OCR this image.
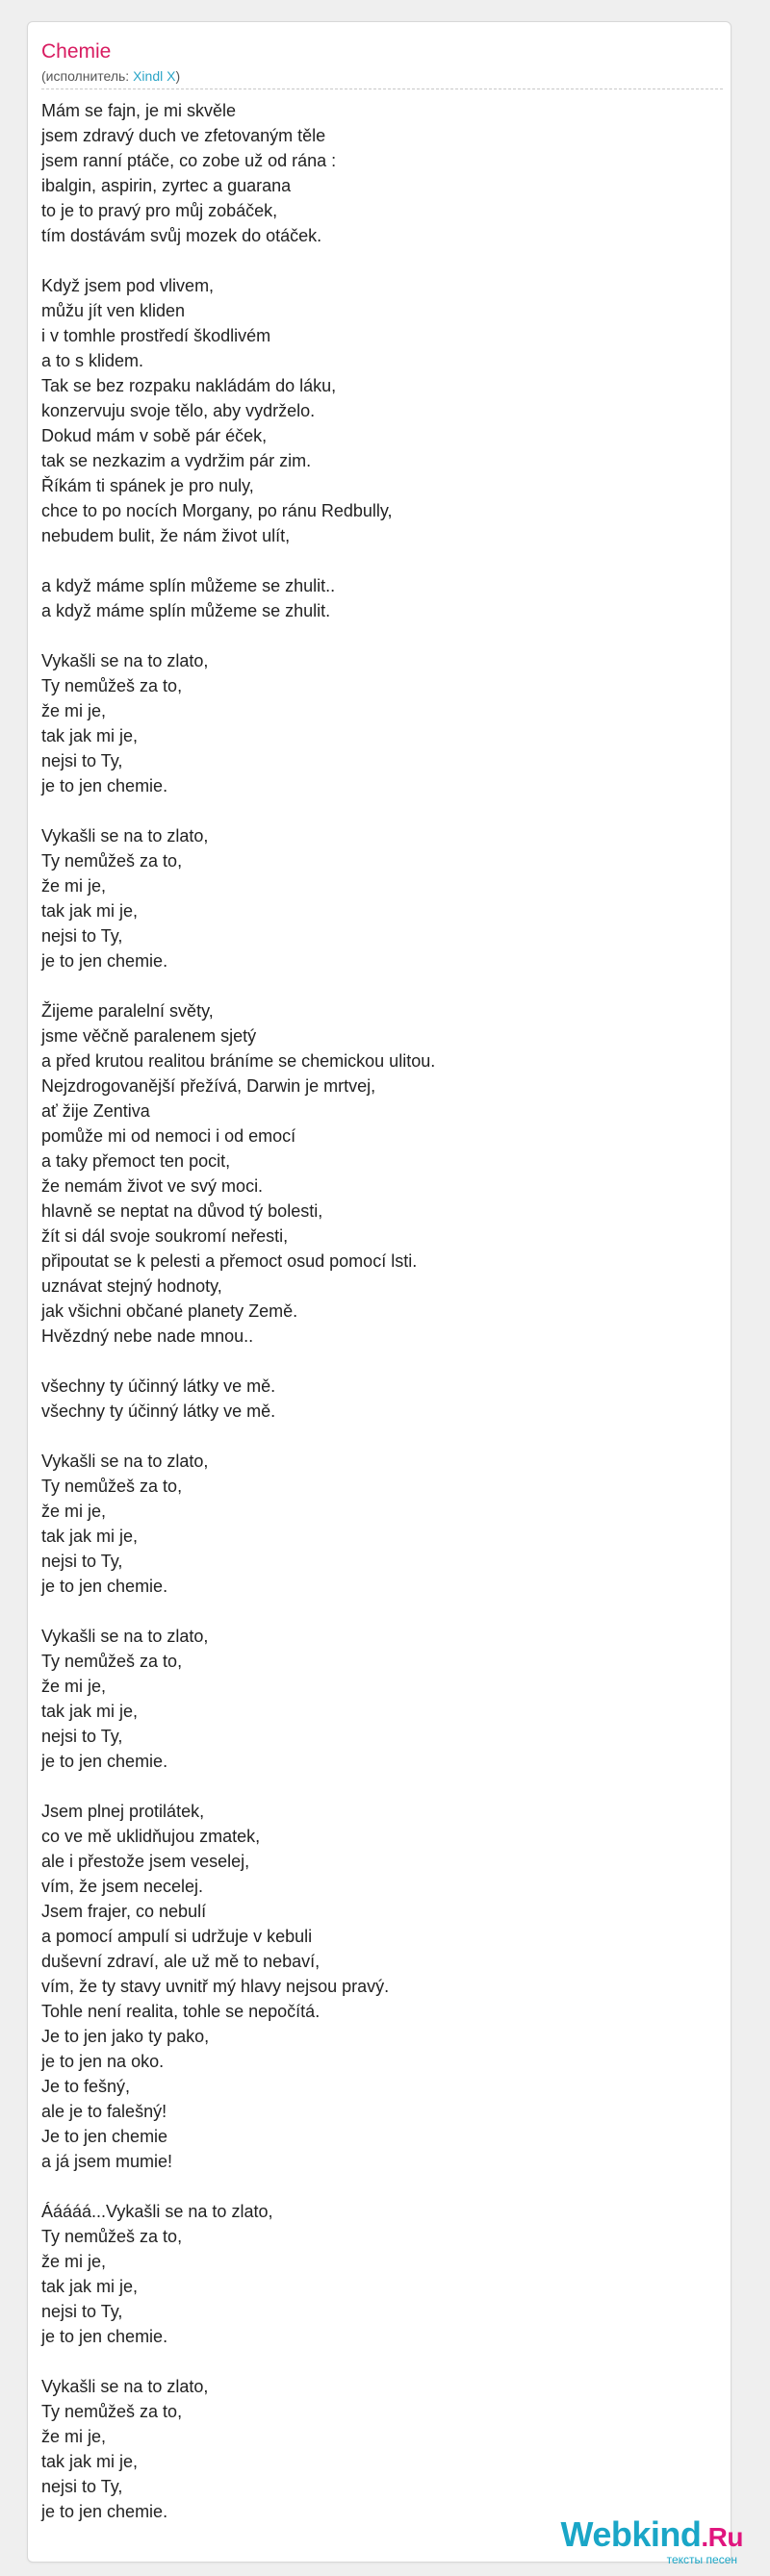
Chemie
(исполнитель: Xindl X)
Mám se fajn, je mi skvěle
jsem zdravý duch ve zfetovaným těle
jsem ranní ptáče, co zobe už od rána :
ibalgin, aspirin, zyrtec a guarana
to je to pravý pro můj zobáček,
tím dostávám svůj mozek do otáček.
Když jsem pod vlivem,
můžu jít ven kliden
i v tomhle prostředí škodlivém
a to s klidem.
Tak se bez rozpaku nakládám do láku,
konzervuju svoje tělo, aby vydrželo.
Dokud mám v sobě pár éček,
tak se nezkazim a vydržim pár zim.
Říkám ti spánek je pro nuly,
chce to po nocích Morgany, po ránu Redbully,
nebudem bulit, že nám život ulít,
a když máme splín můžeme se zhulit..
a když máme splín můžeme se zhulit.
Vykašli se na to zlato,
Ty nemůžeš za to,
že mi je,
tak jak mi je,
nejsi to Ty,
je to jen chemie.
Vykašli se na to zlato,
Ty nemůžeš za to,
že mi je,
tak jak mi je,
nejsi to Ty,
je to jen chemie.
Žijeme paralelní světy,
jsme věčně paralenem sjetý
a před krutou realitou bráníme se chemickou ulitou.
Nejzdrogovanější přežívá, Darwin je mrtvej,
ať žije Zentiva
pomůže mi od nemoci i od emocí
a taky přemoct ten pocit,
že nemám život ve svý moci.
hlavně se neptat na důvod tý bolesti,
žít si dál svoje soukromí neřesti,
připoutat se k pelesti a přemoct osud pomocí lsti.
uznávat stejný hodnoty,
jak všichni občané planety Země.
Hvězdný nebe nade mnou..
všechny ty účinný látky ve mě.
všechny ty účinný látky ve mě.
Vykašli se na to zlato,
Ty nemůžeš za to,
že mi je,
tak jak mi je,
nejsi to Ty,
je to jen chemie.
Vykašli se na to zlato,
Ty nemůžeš za to,
že mi je,
tak jak mi je,
nejsi to Ty,
je to jen chemie.
Jsem plnej protilátek,
co ve mě uklidňujou zmatek,
ale i přestože jsem veselej,
vím, že jsem necelej.
Jsem frajer, co nebulí
a pomocí ampulí si udržuje v kebuli
duševní zdraví, ale už mě to nebaví,
vím, že ty stavy uvnitř mý hlavy nejsou pravý.
Tohle není realita, tohle se nepočítá.
Je to jen jako ty pako,
je to jen na oko.
Je to fešný,
ale je to falešný!
Je to jen chemie
a já jsem mumie!
Ááááá...Vykašli se na to zlato,
Ty nemůžeš za to,
že mi je,
tak jak mi je,
nejsi to Ty,
je to jen chemie.
Vykašli se na to zlato,
Ty nemůžeš za to,
že mi je,
tak jak mi je,
nejsi to Ty,
je to jen chemie.
Webkind.Ru
тексты песен
